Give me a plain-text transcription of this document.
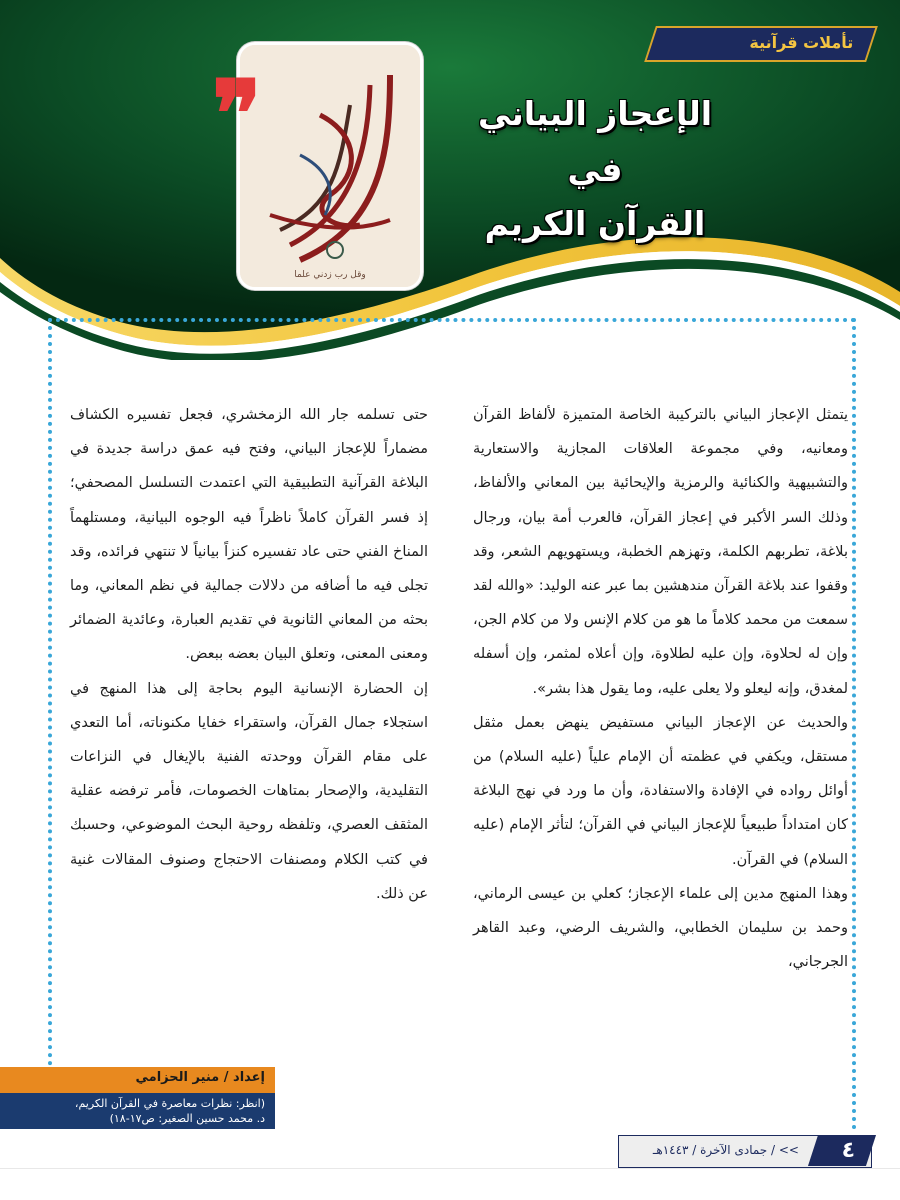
تأملات قرآنية
الإعجاز البياني
في
القرآن الكريم
وقل رب زدني علما
❞

يتمثل الإعجاز البياني بالتركيبة الخاصة المتميزة لألفاظ القرآن ومعانيه، وفي مجموعة العلاقات المجازية والاستعارية والتشبيهية والكنائية والرمزية والإيحائية بين المعاني والألفاظ، وذلك السر الأكبر في إعجاز القرآن، فالعرب أمة بيان، ورجال بلاغة، تطربهم الكلمة، وتهزهم الخطبة، ويستهويهم الشعر، وقد وقفوا عند بلاغة القرآن مندهشين بما عبر عنه الوليد: «والله لقد سمعت من محمد كلاماً ما هو من كلام الإنس ولا من كلام الجن، وإن له لحلاوة، وإن عليه لطلاوة، وإن أعلاه لمثمر، وإن أسفله لمغدق، وإنه ليعلو ولا يعلى عليه، وما يقول هذا بشر».

والحديث عن الإعجاز البياني مستفيض ينهض بعمل مثقل مستقل، ويكفي في عظمته أن الإمام علياً (عليه السلام) من أوائل رواده في الإفادة والاستفادة، وأن ما ورد في نهج البلاغة كان امتداداً طبيعياً للإعجاز البياني في القرآن؛ لتأثر الإمام (عليه السلام) في القرآن.

وهذا المنهج مدين إلى علماء الإعجاز؛ كعلي بن عيسى الرماني، وحمد بن سليمان الخطابي، والشريف الرضي، وعبد القاهر الجرجاني،

حتى تسلمه جار الله الزمخشري، فجعل تفسيره الكشاف مضماراً للإعجاز البياني، وفتح فيه عمق دراسة جديدة في البلاغة القرآنية التطبيقية التي اعتمدت التسلسل المصحفي؛ إذ فسر القرآن كاملاً ناظراً فيه الوجوه البيانية، ومستلهماً المناخ الفني حتى عاد تفسيره كنزاً بيانياً لا تنتهي فرائده، وقد تجلى فيه ما أضافه من دلالات جمالية في نظم المعاني، وما بحثه من المعاني الثانوية في تقديم العبارة، وعائدية الضمائر ومعنى المعنى، وتعلق البيان بعضه ببعض.

إن الحضارة الإنسانية اليوم بحاجة إلى هذا المنهج في استجلاء جمال القرآن، واستقراء خفايا مكنوناته، أما التعدي على مقام القرآن ووحدته الفنية بالإيغال في النزاعات التقليدية، والإصحار بمتاهات الخصومات، فأمر ترفضه عقلية المثقف العصري، وتلفظه روحية البحث الموضوعي، وحسبك في كتب الكلام ومصنفات الاحتجاج وصنوف المقالات غنية عن ذلك.

إعداد / منير الحزامي
(انظر: نظرات معاصرة في القرآن الكريم،
د. محمد حسين الصغير: ص١٧-١٨)
>> / جمادى الآخرة / ١٤٤٣هـ ٤
